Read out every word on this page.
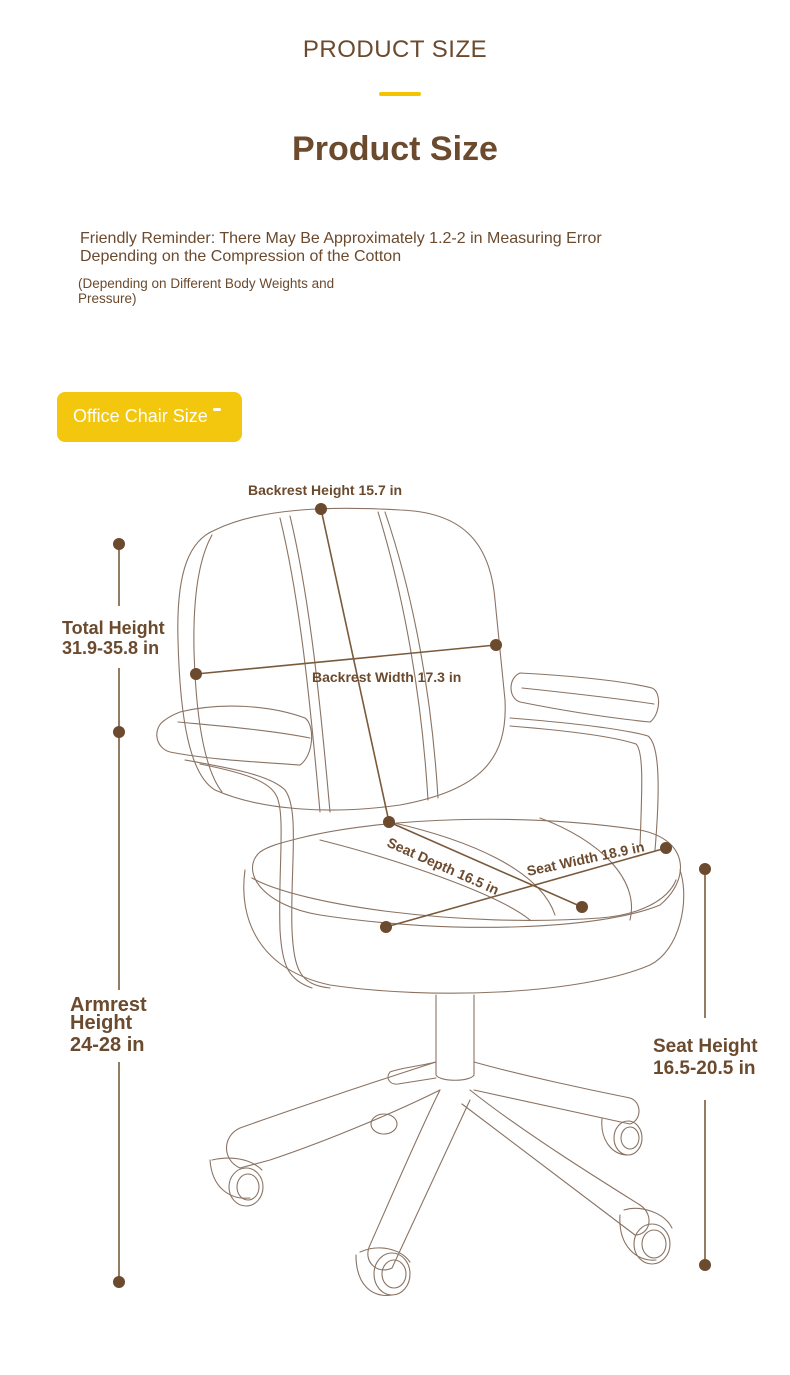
PRODUCT SIZE
Product Size
Friendly Reminder: There May Be Approximately 1.2-2 in Measuring Error
Depending on the Compression of the Cotton
(Depending on Different Body Weights and Pressure)
Office Chair Size
Backrest Height 15.7 in
Backrest Width 17.3 in
Seat Depth 16.5 in Seat Width 18.9 in
Total Height
31.9-35.8 in
Armrest
Height
24-28 in	Seat Height
16.5-20.5 in
